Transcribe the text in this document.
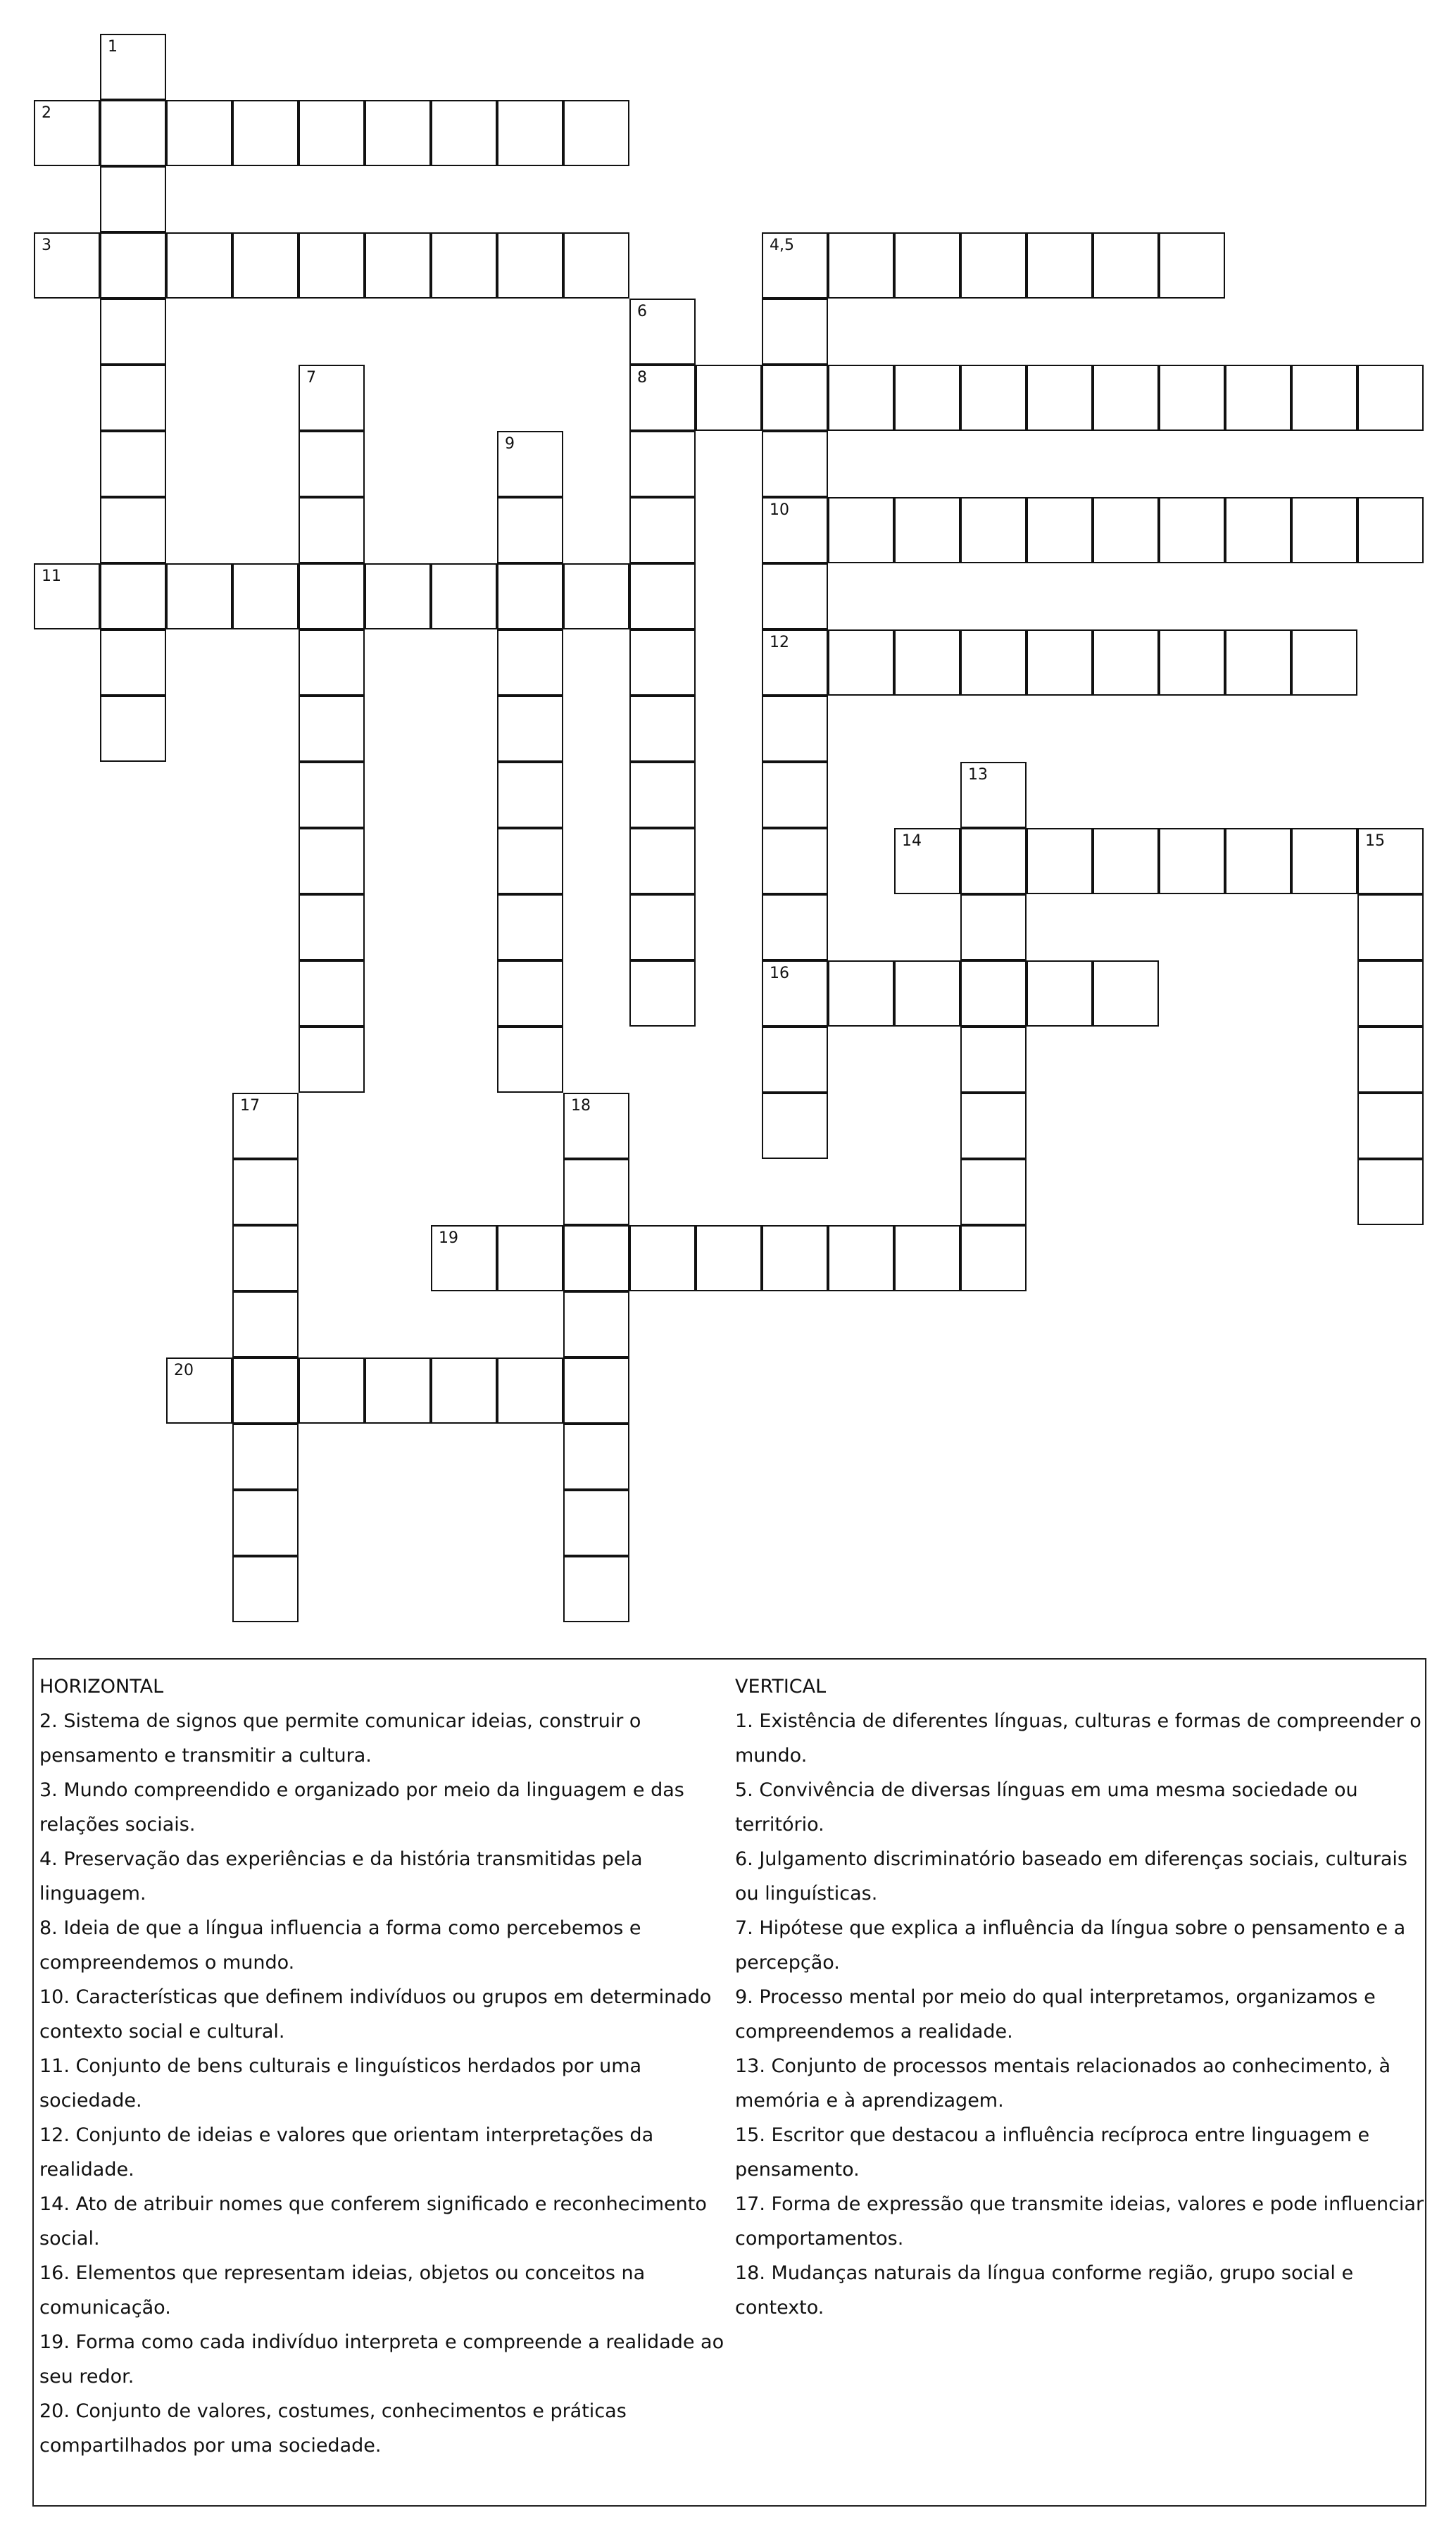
1
2
3	4,5
10
12
16
6
8
7
9
11
13
14	15
17	18
19
20
HORIZONTAL
2. Sistema de signos que permite comunicar ideias, construir o pensamento e transmitir a cultura.
3. Mundo compreendido e organizado por meio da linguagem e das relações sociais.
4. Preservação das experiências e da história transmitidas pela linguagem.
8. Ideia de que a língua influencia a forma como percebemos e compreendemos o mundo.
10. Características que definem indivíduos ou grupos em determinado contexto social e cultural.
11. Conjunto de bens culturais e linguísticos herdados por uma sociedade.
12. Conjunto de ideias e valores que orientam interpretações da realidade.
14. Ato de atribuir nomes que conferem significado e reconhecimento social.
16. Elementos que representam ideias, objetos ou conceitos na comunicação.
19. Forma como cada indivíduo interpreta e compreende a realidade ao seu redor.
20. Conjunto de valores, costumes, conhecimentos e práticas compartilhados por uma sociedade.
VERTICAL
1. Existência de diferentes línguas, culturas e formas de compreender o mundo.
5. Convivência de diversas línguas em uma mesma sociedade ou território.
6. Julgamento discriminatório baseado em diferenças sociais, culturais ou linguísticas.
7. Hipótese que explica a influência da língua sobre o pensamento e a percepção.
9. Processo mental por meio do qual interpretamos, organizamos e compreendemos a realidade.
13. Conjunto de processos mentais relacionados ao conhecimento, à memória e à aprendizagem.
15. Escritor que destacou a influência recíproca entre linguagem e pensamento.
17. Forma de expressão que transmite ideias, valores e pode influenciar comportamentos.
18. Mudanças naturais da língua conforme região, grupo social e contexto.
